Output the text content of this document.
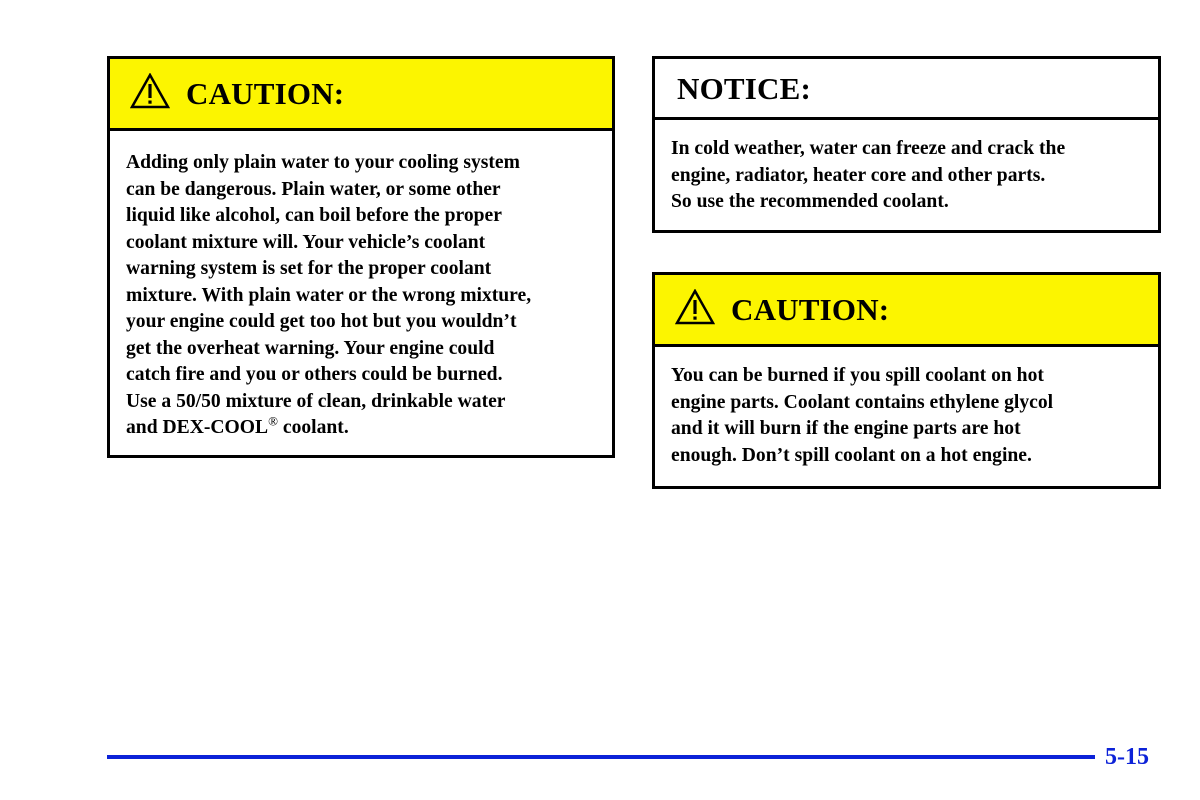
CAUTION:
Adding only plain water to your cooling system
can be dangerous. Plain water, or some other
liquid like alcohol, can boil before the proper
coolant mixture will. Your vehicle’s coolant
warning system is set for the proper coolant
mixture. With plain water or the wrong mixture,
your engine could get too hot but you wouldn’t
get the overheat warning. Your engine could
catch fire and you or others could be burned.
Use a 50/50 mixture of clean, drinkable water
and DEX-COOL® coolant.
NOTICE:
In cold weather, water can freeze and crack the
engine, radiator, heater core and other parts.
So use the recommended coolant.
CAUTION:
You can be burned if you spill coolant on hot
engine parts. Coolant contains ethylene glycol
and it will burn if the engine parts are hot
enough. Don’t spill coolant on a hot engine.
5-15
